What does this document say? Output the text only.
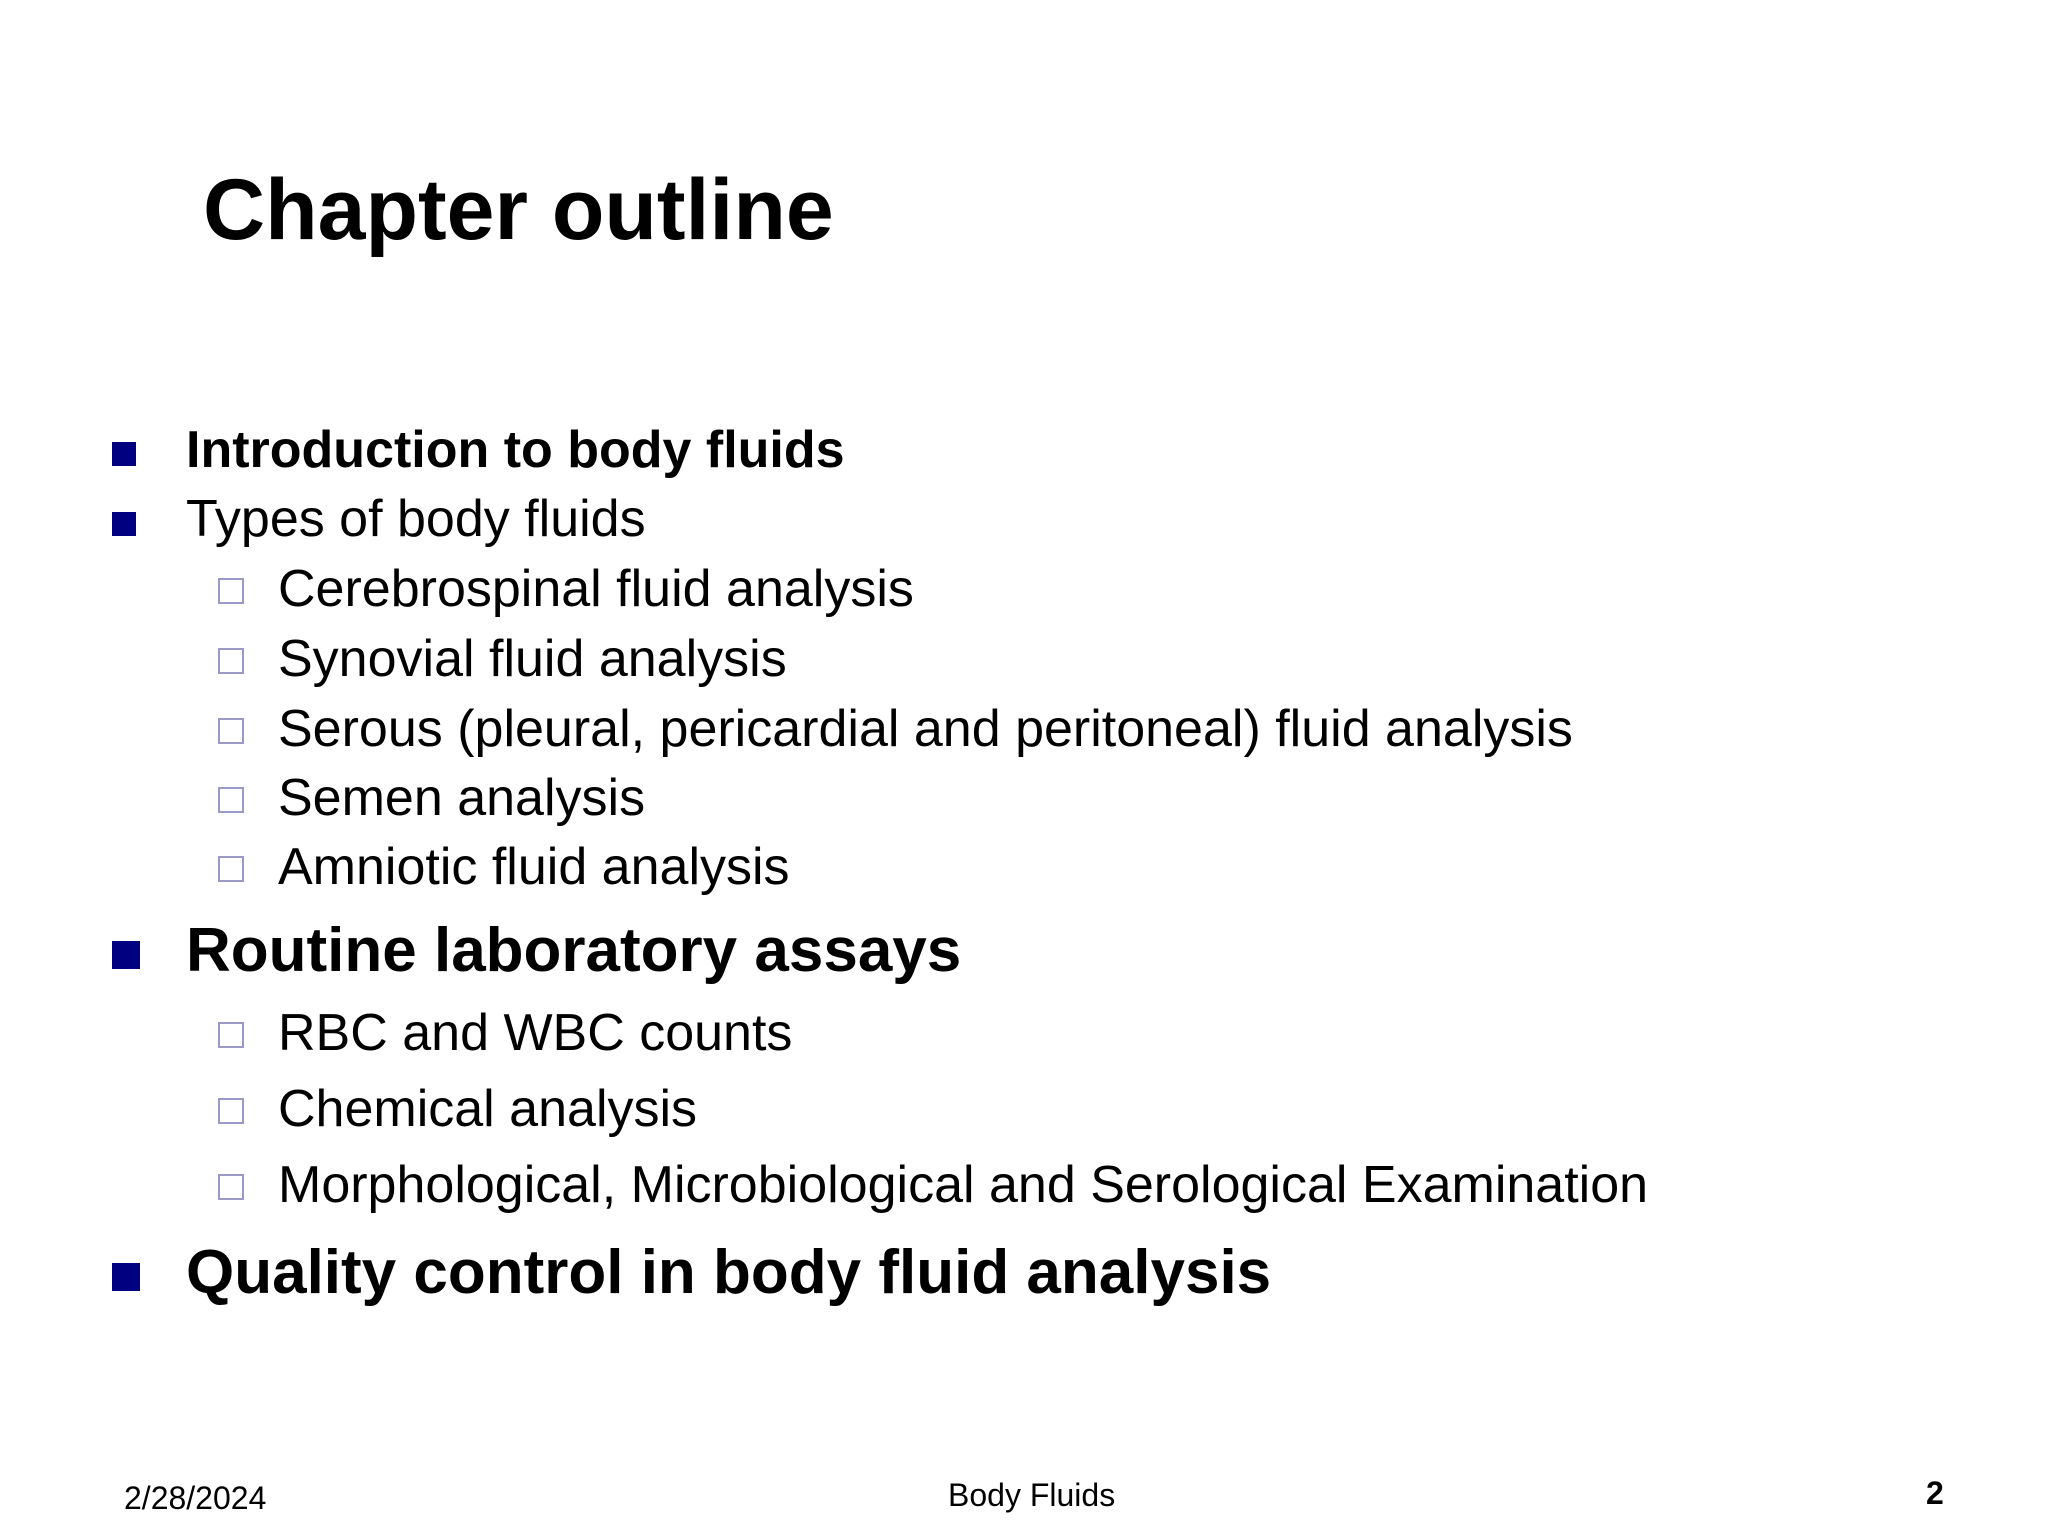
Chapter outline
Introduction to body fluids
Types of body fluids
Cerebrospinal fluid analysis
Synovial fluid analysis
Serous (pleural, pericardial and peritoneal) fluid analysis
Semen analysis
Amniotic fluid analysis
Routine laboratory assays
RBC and WBC counts
Chemical analysis
Morphological, Microbiological and Serological Examination
Quality control in body fluid analysis
2/28/2024	Body Fluids	2
